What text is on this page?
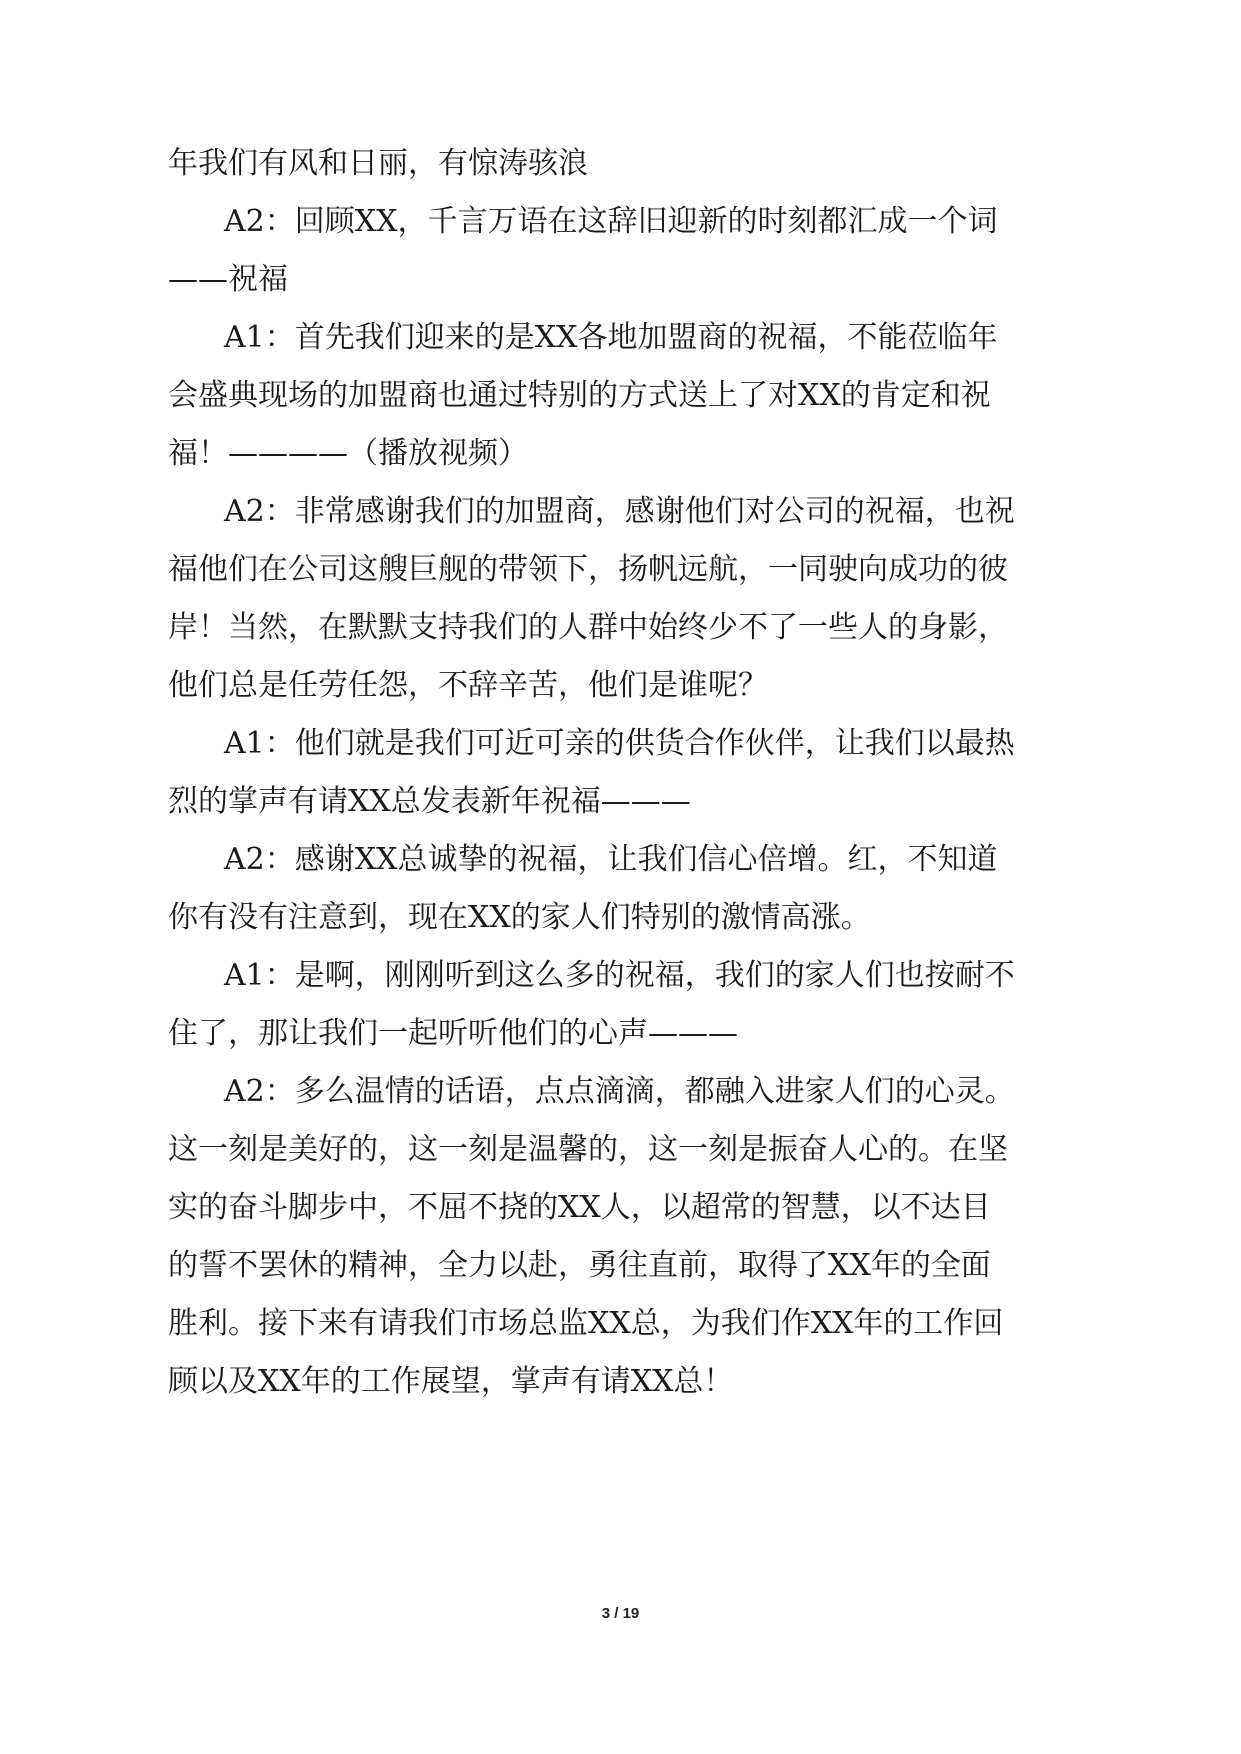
年我们有风和日丽，有惊涛骇浪

A2：回顾XX，千言万语在这辞旧迎新的时刻都汇成一个词

——祝福

A1：首先我们迎来的是XX各地加盟商的祝福，不能莅临年

会盛典现场的加盟商也通过特别的方式送上了对XX的肯定和祝

福！————（播放视频）

A2：非常感谢我们的加盟商，感谢他们对公司的祝福，也祝

福他们在公司这艘巨舰的带领下，扬帆远航，一同驶向成功的彼

岸！当然，在默默支持我们的人群中始终少不了一些人的身影，

他们总是任劳任怨，不辞辛苦，他们是谁呢？

A1：他们就是我们可近可亲的供货合作伙伴，让我们以最热

烈的掌声有请XX总发表新年祝福———

A2：感谢XX总诚挚的祝福，让我们信心倍增。红，不知道

你有没有注意到，现在XX的家人们特别的激情高涨。

A1：是啊，刚刚听到这么多的祝福，我们的家人们也按耐不

住了，那让我们一起听听他们的心声———

A2：多么温情的话语，点点滴滴，都融入进家人们的心灵。

这一刻是美好的，这一刻是温馨的，这一刻是振奋人心的。在坚

实的奋斗脚步中，不屈不挠的XX人，以超常的智慧，以不达目

的誓不罢休的精神，全力以赴，勇往直前，取得了XX年的全面

胜利。接下来有请我们市场总监XX总，为我们作XX年的工作回

顾以及XX年的工作展望，掌声有请XX总！

3 / 19
